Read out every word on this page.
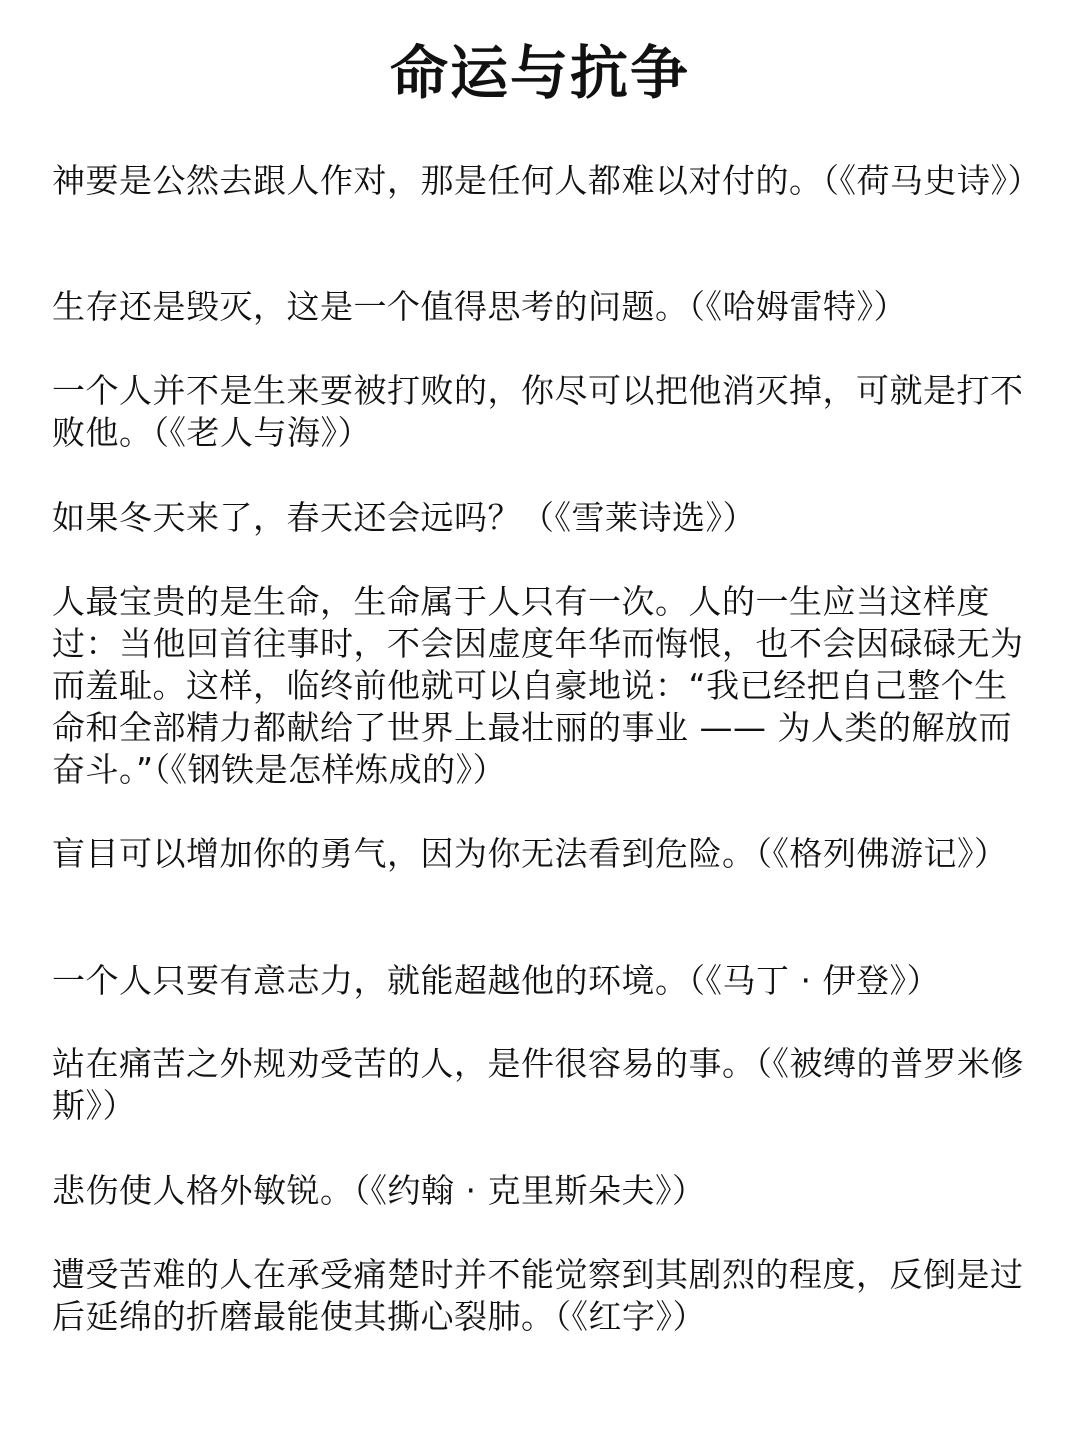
命运与抗争

神要是公然去跟人作对，那是任何人都难以对付的。（《荷马史诗》）

生存还是毁灭，这是一个值得思考的问题。（《哈姆雷特》）

一个人并不是生来要被打败的，你尽可以把他消灭掉，可就是打不败他。（《老人与海》）

如果冬天来了，春天还会远吗？（《雪莱诗选》）

人最宝贵的是生命，生命属于人只有一次。人的一生应当这样度过：当他回首往事时，不会因虚度年华而悔恨，也不会因碌碌无为而羞耻。这样，临终前他就可以自豪地说：“我已经把自己整个生命和全部精力都献给了世界上最壮丽的事业 —— 为人类的解放而奋斗。”（《钢铁是怎样炼成的》）

盲目可以增加你的勇气，因为你无法看到危险。（《格列佛游记》）

一个人只要有意志力，就能超越他的环境。（《马丁 · 伊登》）

站在痛苦之外规劝受苦的人，是件很容易的事。（《被缚的普罗米修斯》）

悲伤使人格外敏锐。（《约翰 · 克里斯朵夫》）

遭受苦难的人在承受痛楚时并不能觉察到其剧烈的程度，反倒是过后延绵的折磨最能使其撕心裂肺。（《红字》）
